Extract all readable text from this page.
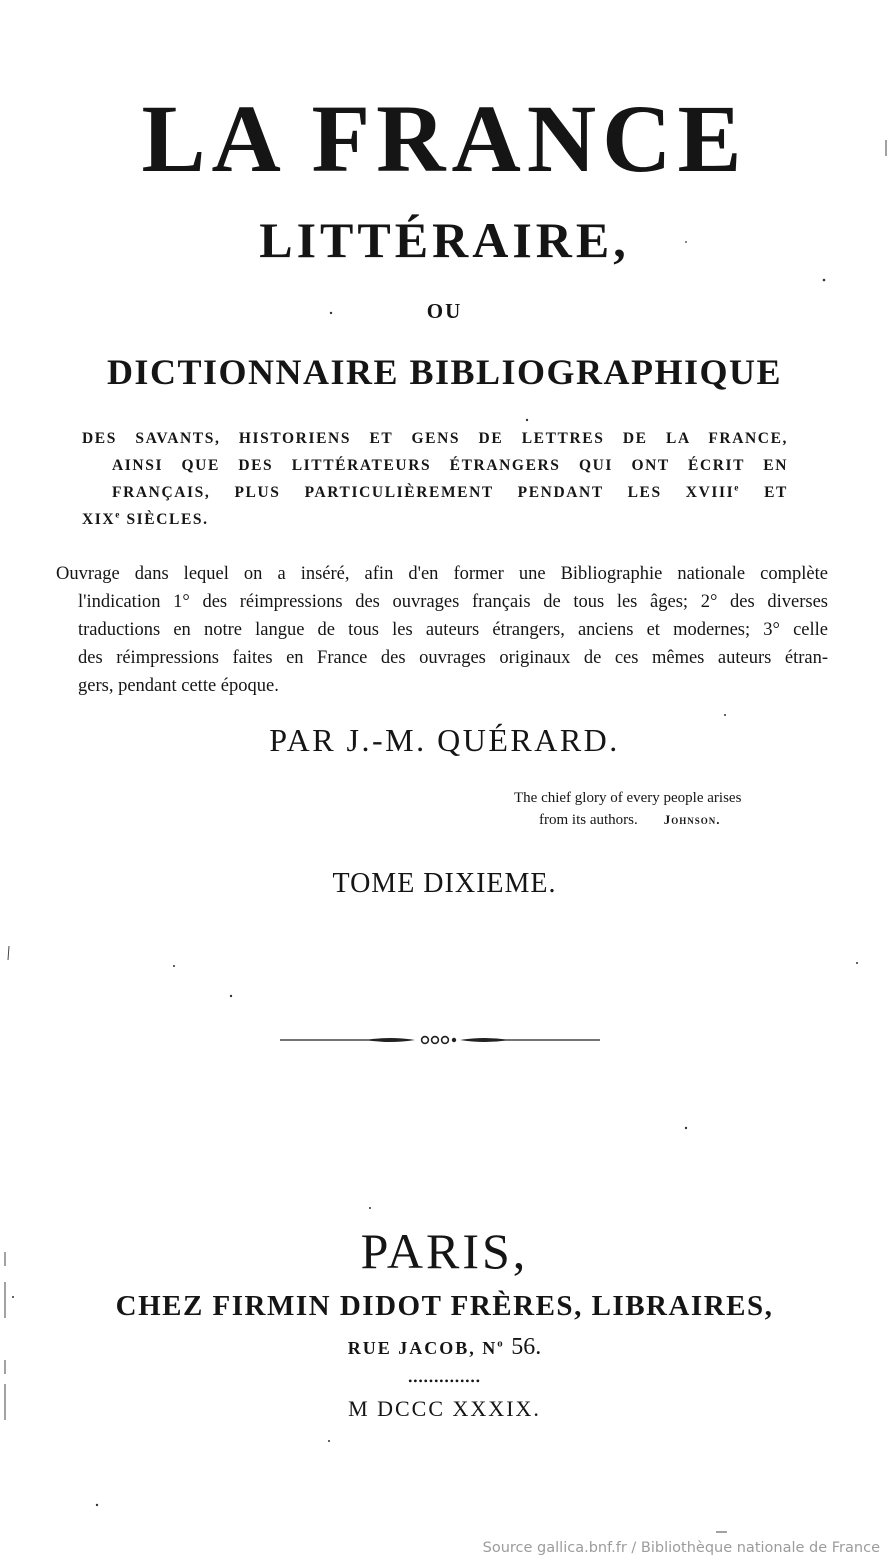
LA FRANCE
LITTÉRAIRE,
OU
DICTIONNAIRE BIBLIOGRAPHIQUE
DES SAVANTS, HISTORIENS ET GENS DE LETTRES DE LA FRANCE,
AINSI QUE DES LITTÉRATEURS ÉTRANGERS QUI ONT ÉCRIT EN
FRANÇAIS, PLUS PARTICULIÈREMENT PENDANT LES XVIIIe ET
XIXe SIÈCLES.
Ouvrage dans lequel on a inséré, afin d'en former une Bibliographie nationale complète
l'indication 1° des réimpressions des ouvrages français de tous les âges; 2° des diverses
traductions en notre langue de tous les auteurs étrangers, anciens et modernes; 3° celle
des réimpressions faites en France des ouvrages originaux de ces mêmes auteurs étran-
gers, pendant cette époque.
PAR J.-M. QUÉRARD.
The chief glory of every people arises
from its authors. Johnson.
TOME DIXIEME.
PARIS,
CHEZ FIRMIN DIDOT FRÈRES, LIBRAIRES,
RUE JACOB, $N^o$ 56.
••••••••••••••
M DCCC XXXIX.
Source gallica.bnf.fr / Bibliothèque nationale de France
